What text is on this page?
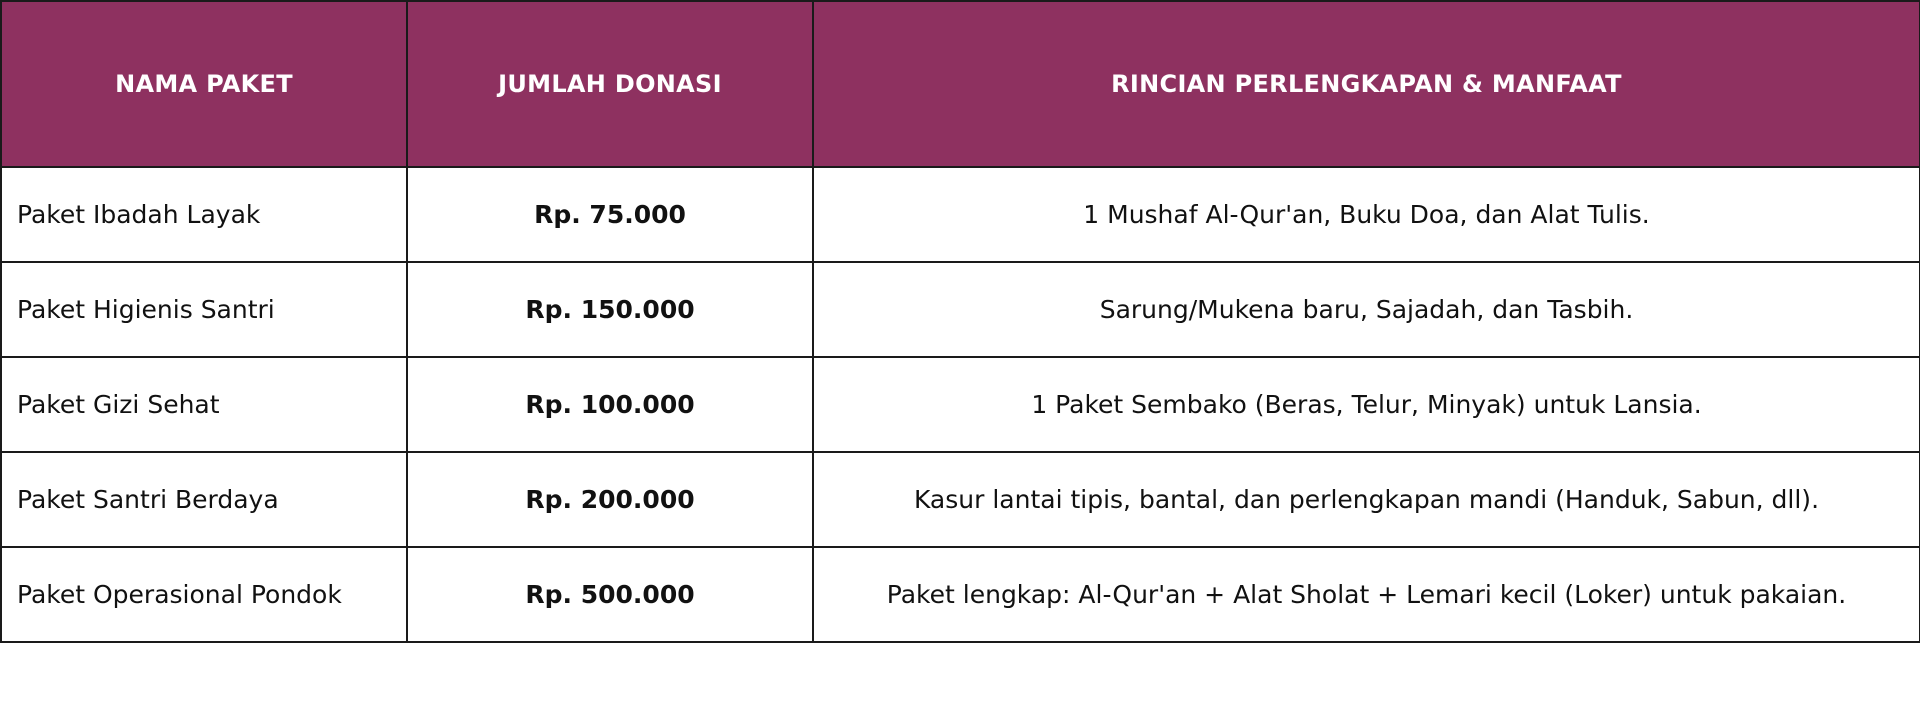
NAMA PAKET	JUMLAH DONASI	RINCIAN PERLENGKAPAN & MANFAAT
Paket Ibadah Layak	Rp. 75.000	1 Mushaf Al-Qur'an, Buku Doa, dan Alat Tulis.
Paket Higienis Santri	Rp. 150.000	Sarung/Mukena baru, Sajadah, dan Tasbih.
Paket Gizi Sehat	Rp. 100.000	1 Paket Sembako (Beras, Telur, Minyak) untuk Lansia.
Paket Santri Berdaya	Rp. 200.000	Kasur lantai tipis, bantal, dan perlengkapan mandi (Handuk, Sabun, dll).
Paket Operasional Pondok	Rp. 500.000	Paket lengkap: Al-Qur'an + Alat Sholat + Lemari kecil (Loker) untuk pakaian.
